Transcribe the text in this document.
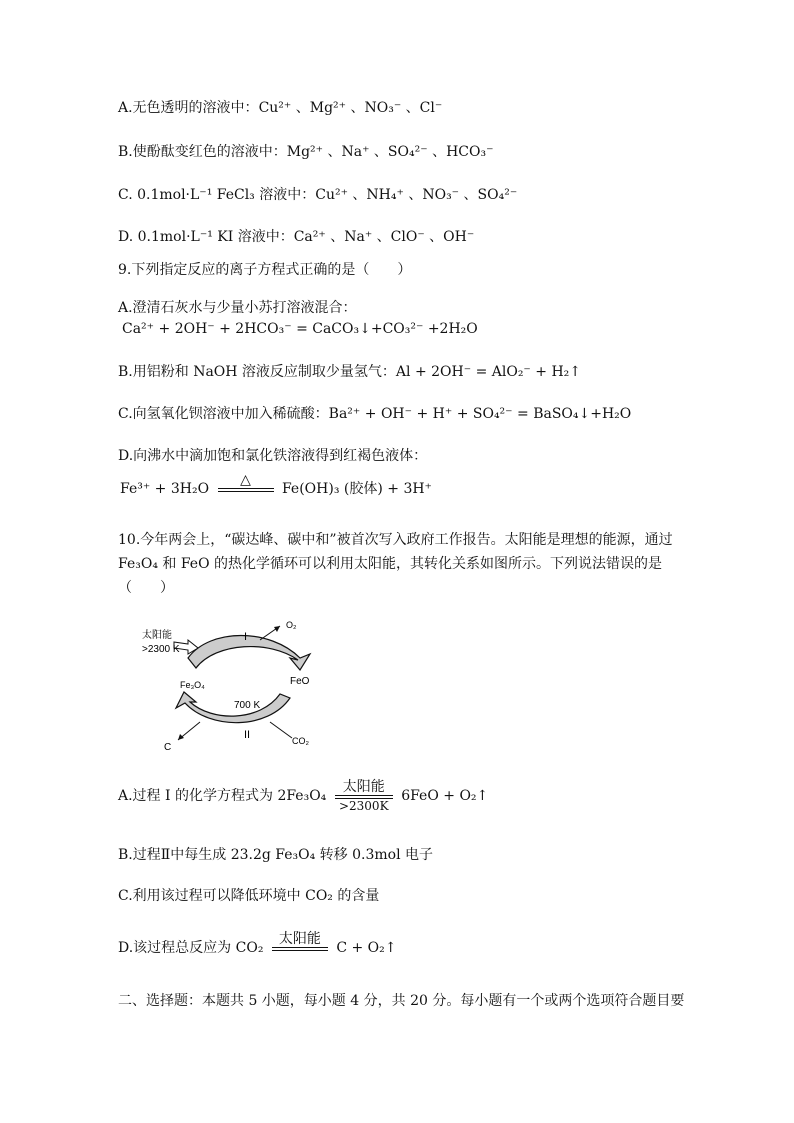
A.无色透明的溶液中：Cu²⁺ 、Mg²⁺ 、NO₃⁻ 、Cl⁻
B.使酚酞变红色的溶液中：Mg²⁺ 、Na⁺ 、SO₄²⁻ 、HCO₃⁻
C. 0.1mol·L⁻¹ FeCl₃ 溶液中：Cu²⁺ 、NH₄⁺ 、NO₃⁻ 、SO₄²⁻
D. 0.1mol·L⁻¹ KI 溶液中：Ca²⁺ 、Na⁺ 、ClO⁻ 、OH⁻
9.下列指定反应的离子方程式正确的是（　　）
A.澄清石灰水与少量小苏打溶液混合：
Ca²⁺ + 2OH⁻ + 2HCO₃⁻ = CaCO₃↓+CO₃²⁻ +2H₂O
B.用铝粉和 NaOH 溶液反应制取少量氢气：Al + 2OH⁻ = AlO₂⁻ + H₂↑
C.向氢氧化钡溶液中加入稀硫酸：Ba²⁺ + OH⁻ + H⁺ + SO₄²⁻ = BaSO₄↓+H₂O
D.向沸水中滴加饱和氯化铁溶液得到红褐色液体：
Fe³⁺ + 3H₂O
△

Fe(OH)₃ (胶体) + 3H⁺
10.今年两会上，“碳达峰、碳中和”被首次写入政府工作报告。太阳能是理想的能源，通过 Fe₃O₄ 和 FeO 的热化学循环可以利用太阳能，其转化关系如图所示。下列说法错误的是（　　）
太阳能
>2300 K
I
O₂
FeO
Fe₃O₄
700 K
II
C
CO₂
A.过程 I 的化学方程式为 $2Fe_3O_4 \frac{\text{太阳能}}{>2300K} 6FeO$ + O₂↑
B.过程Ⅱ中每生成 23.2g Fe₃O₄ 转移 0.3mol 电子
C.利用该过程可以降低环境中 CO₂ 的含量
D.该过程总反应为 CO₂
太阳能

C + O₂↑
二、选择题：本题共 5 小题，每小题 4 分，共 20 分。每小题有一个或两个选项符合题目要
